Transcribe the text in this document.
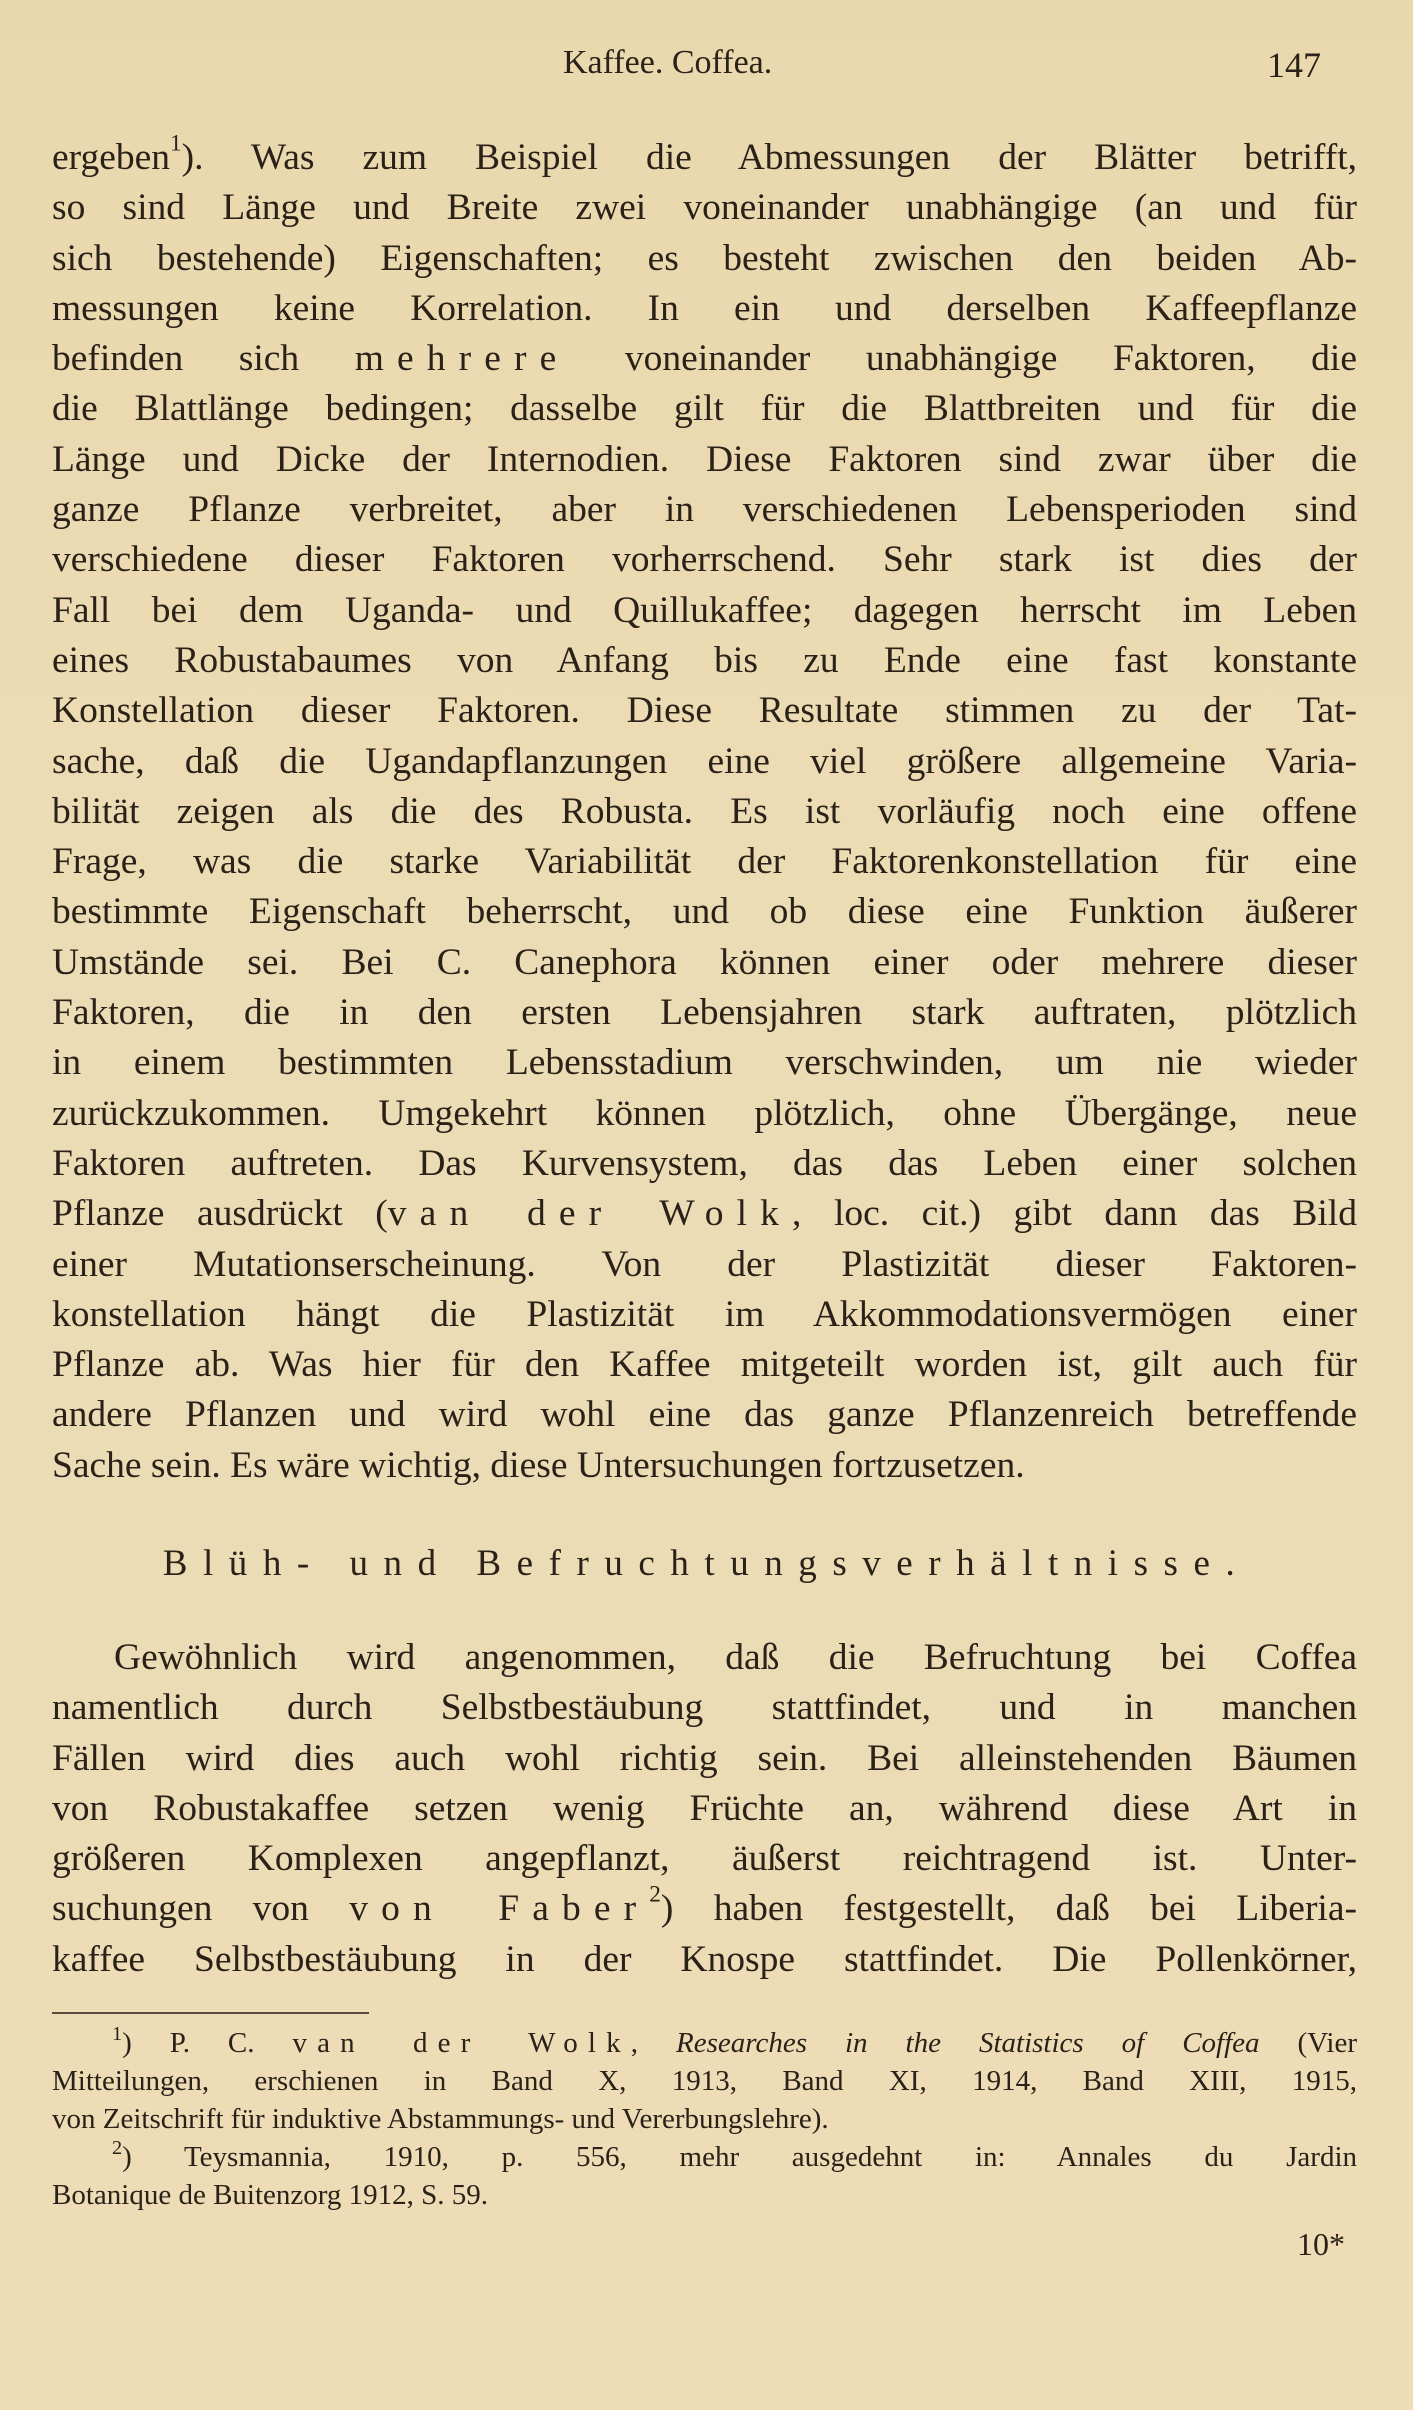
Kaffee. Coffea.	147
ergeben$^1$). Was zum Beispiel die Abmessungen der Blätter betrifft,
so sind Länge und Breite zwei voneinander unabhängige (an und für
sich bestehende) Eigenschaften; es besteht zwischen den beiden Ab-
messungen keine Korrelation. In ein und derselben Kaffeepflanze
befinden sich mehrere voneinander unabhängige Faktoren, die
die Blattlänge bedingen; dasselbe gilt für die Blattbreiten und für die
Länge und Dicke der Internodien. Diese Faktoren sind zwar über die
ganze Pflanze verbreitet, aber in verschiedenen Lebensperioden sind
verschiedene dieser Faktoren vorherrschend. Sehr stark ist dies der
Fall bei dem Uganda- und Quillukaffee; dagegen herrscht im Leben
eines Robustabaumes von Anfang bis zu Ende eine fast konstante
Konstellation dieser Faktoren. Diese Resultate stimmen zu der Tat-
sache, daß die Ugandapflanzungen eine viel größere allgemeine Varia-
bilität zeigen als die des Robusta. Es ist vorläufig noch eine offene
Frage, was die starke Variabilität der Faktorenkonstellation für eine
bestimmte Eigenschaft beherrscht, und ob diese eine Funktion äußerer
Umstände sei. Bei C. Canephora können einer oder mehrere dieser
Faktoren, die in den ersten Lebensjahren stark auftraten, plötzlich
in einem bestimmten Lebensstadium verschwinden, um nie wieder
zurückzukommen. Umgekehrt können plötzlich, ohne Übergänge, neue
Faktoren auftreten. Das Kurvensystem, das das Leben einer solchen
Pflanze ausdrückt (van der Wolk, loc. cit.) gibt dann das Bild
einer Mutationserscheinung. Von der Plastizität dieser Faktoren-
konstellation hängt die Plastizität im Akkommodationsvermögen einer
Pflanze ab. Was hier für den Kaffee mitgeteilt worden ist, gilt auch für
andere Pflanzen und wird wohl eine das ganze Pflanzenreich betreffende
Sache sein. Es wäre wichtig, diese Untersuchungen fortzusetzen.
Blüh- und Befruchtungsverhältnisse.
Gewöhnlich wird angenommen, daß die Befruchtung bei Coffea
namentlich durch Selbstbestäubung stattfindet, und in manchen
Fällen wird dies auch wohl richtig sein. Bei alleinstehenden Bäumen
von Robustakaffee setzen wenig Früchte an, während diese Art in
größeren Komplexen angepflanzt, äußerst reichtragend ist. Unter-
suchungen von von Faber$^2$) haben festgestellt, daß bei Liberia-
kaffee Selbstbestäubung in der Knospe stattfindet. Die Pollenkörner,
$^1$) P. C. van der Wolk, Researches in the Statistics of Coffea (Vier
Mitteilungen, erschienen in Band X, 1913, Band XI, 1914, Band XIII, 1915,
von Zeitschrift für induktive Abstammungs- und Vererbungslehre).
$^2$) Teysmannia, 1910, p. 556, mehr ausgedehnt in: Annales du Jardin
Botanique de Buitenzorg 1912, S. 59.
10*
